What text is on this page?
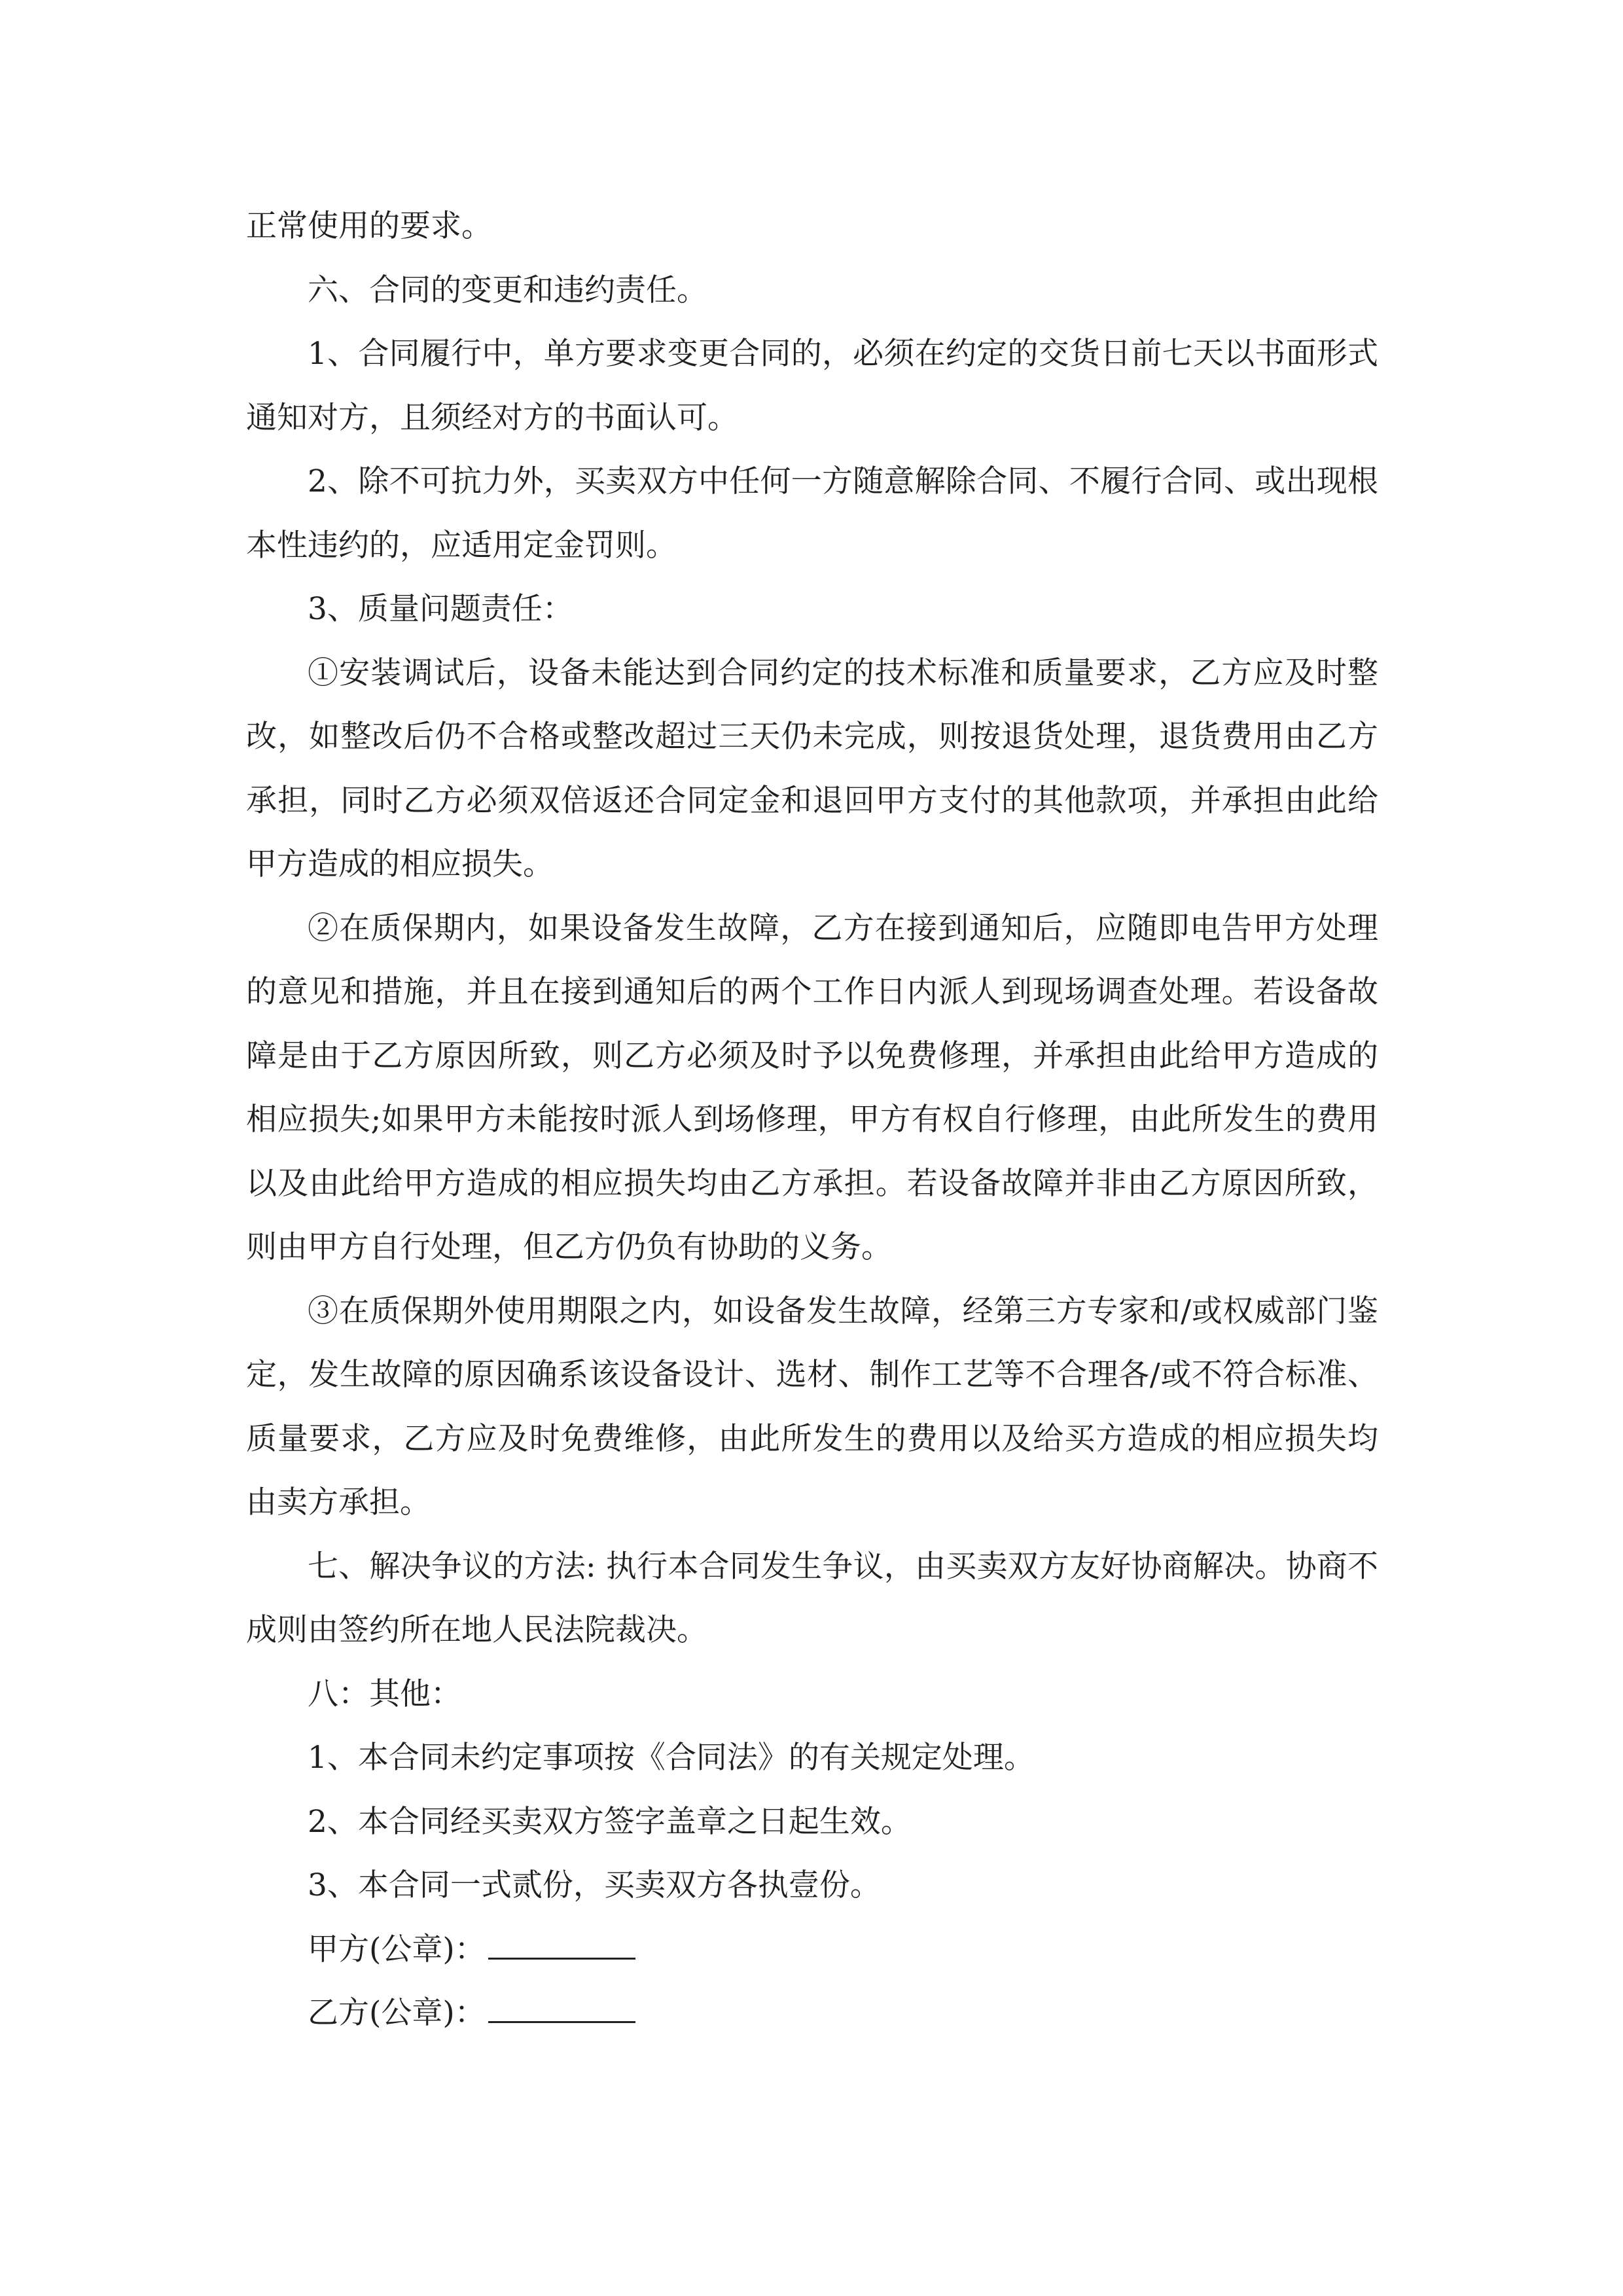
正常使用的要求。

六、合同的变更和违约责任。

1、合同履行中，单方要求变更合同的，必须在约定的交货日前七天以书面形式通知对方，且须经对方的书面认可。

2、除不可抗力外，买卖双方中任何一方随意解除合同、不履行合同、或出现根本性违约的，应适用定金罚则。

3、质量问题责任：

①安装调试后，设备未能达到合同约定的技术标准和质量要求，乙方应及时整改，如整改后仍不合格或整改超过三天仍未完成，则按退货处理，退货费用由乙方承担，同时乙方必须双倍返还合同定金和退回甲方支付的其他款项，并承担由此给甲方造成的相应损失。

②在质保期内，如果设备发生故障，乙方在接到通知后，应随即电告甲方处理的意见和措施，并且在接到通知后的两个工作日内派人到现场调查处理。若设备故障是由于乙方原因所致，则乙方必须及时予以免费修理，并承担由此给甲方造成的相应损失;如果甲方未能按时派人到场修理，甲方有权自行修理，由此所发生的费用以及由此给甲方造成的相应损失均由乙方承担。若设备故障并非由乙方原因所致，则由甲方自行处理，但乙方仍负有协助的义务。

③在质保期外使用期限之内，如设备发生故障，经第三方专家和/或权威部门鉴定，发生故障的原因确系该设备设计、选材、制作工艺等不合理各/或不符合标准、质量要求，乙方应及时免费维修，由此所发生的费用以及给买方造成的相应损失均由卖方承担。

七、解决争议的方法: 执行本合同发生争议，由买卖双方友好协商解决。协商不成则由签约所在地人民法院裁决。

八：其他：

1、本合同未约定事项按《合同法》的有关规定处理。

2、本合同经买卖双方签字盖章之日起生效。

3、本合同一式贰份，买卖双方各执壹份。

甲方(公章)：

乙方(公章)：
